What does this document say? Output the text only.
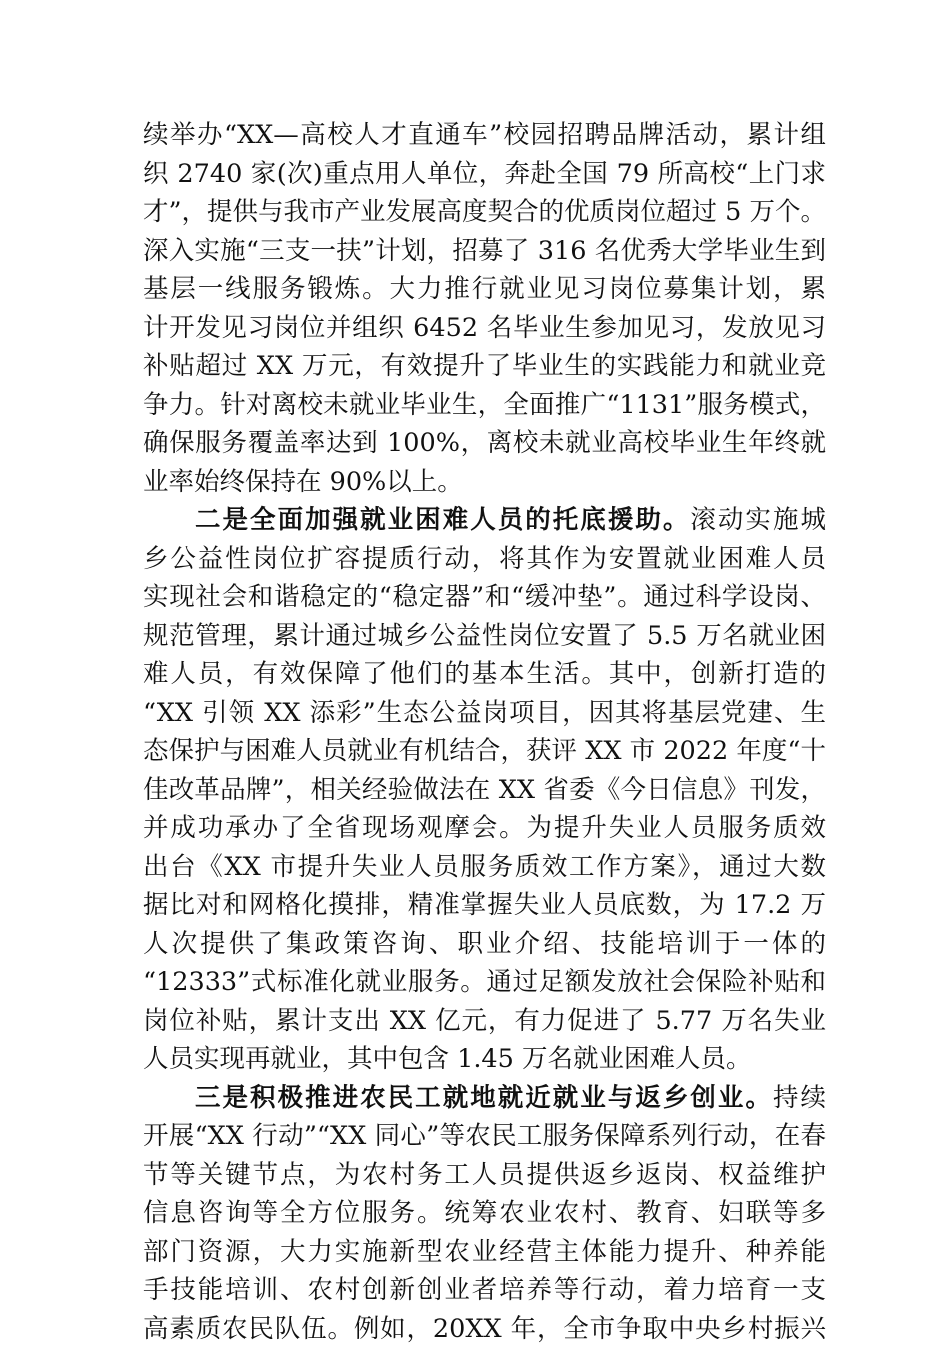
续举办“XX—高校人才直通车”校园招聘品牌活动，累计组
织 2740 家(次)重点用人单位，奔赴全国 79 所高校“上门求
才”，提供与我市产业发展高度契合的优质岗位超过 5 万个。
深入实施“三支一扶”计划，招募了 316 名优秀大学毕业生到
基层一线服务锻炼。大力推行就业见习岗位募集计划，累
计开发见习岗位并组织 6452 名毕业生参加见习，发放见习
补贴超过 XX 万元，有效提升了毕业生的实践能力和就业竞
争力。针对离校未就业毕业生，全面推广“1131”服务模式，
确保服务覆盖率达到 100%，离校未就业高校毕业生年终就
业率始终保持在 90%以上。
二是全面加强就业困难人员的托底援助。滚动实施城
乡公益性岗位扩容提质行动，将其作为安置就业困难人员
实现社会和谐稳定的“稳定器”和“缓冲垫”。通过科学设岗、
规范管理，累计通过城乡公益性岗位安置了 5.5 万名就业困
难人员，有效保障了他们的基本生活。其中，创新打造的
“XX 引领 XX 添彩”生态公益岗项目，因其将基层党建、生
态保护与困难人员就业有机结合，获评 XX 市 2022 年度“十
佳改革品牌”，相关经验做法在 XX 省委《今日信息》刊发，
并成功承办了全省现场观摩会。为提升失业人员服务质效
出台《XX 市提升失业人员服务质效工作方案》，通过大数
据比对和网格化摸排，精准掌握失业人员底数，为 17.2 万
人次提供了集政策咨询、职业介绍、技能培训于一体的
“12333”式标准化就业服务。通过足额发放社会保险补贴和
岗位补贴，累计支出 XX 亿元，有力促进了 5.77 万名失业
人员实现再就业，其中包含 1.45 万名就业困难人员。
三是积极推进农民工就地就近就业与返乡创业。持续
开展“XX 行动”“XX 同心”等农民工服务保障系列行动，在春
节等关键节点，为农村务工人员提供返乡返岗、权益维护
信息咨询等全方位服务。统筹农业农村、教育、妇联等多
部门资源，大力实施新型农业经营主体能力提升、种养能
手技能培训、农村创新创业者培养等行动，着力培育一支
高素质农民队伍。例如，20XX 年，全市争取中央乡村振兴
